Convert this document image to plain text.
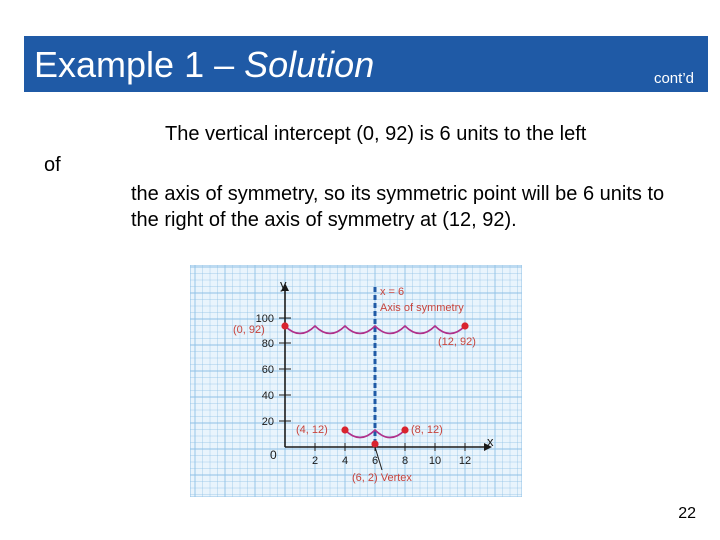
Example 1 – Solution	cont’d
The vertical intercept (0, 92) is 6 units to the left
of
the axis of symmetry, so its symmetric point will be 6 units to the right of the axis of symmetry at (12, 92).
x
y
0	2 4 6 8 10 12
100
80
60
40
20
x = 6
Axis of symmetry
(0, 92)
(12, 92)
(4, 12)	(8, 12)
(6, 2) Vertex
22
